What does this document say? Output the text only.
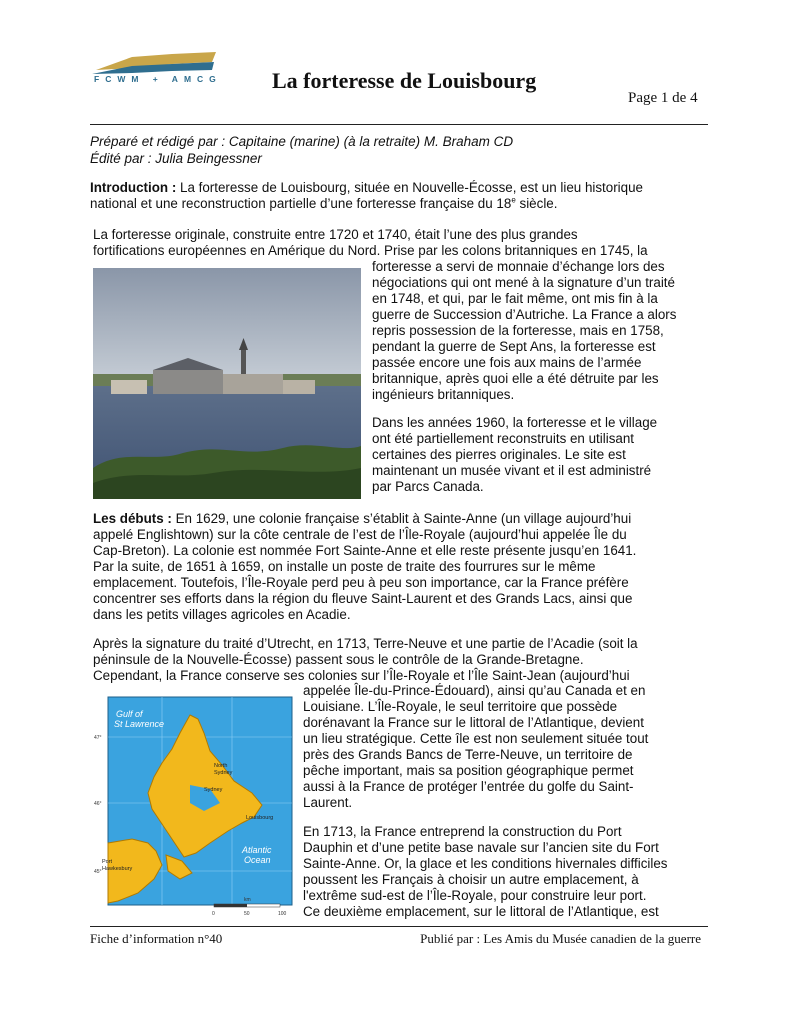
FCWM + AMCG La forteresse de Louisbourg
Page 1 de 4
Préparé et rédigé par : Capitaine (marine) (à la retraite) M. Braham CD
Édité par : Julia Beingessner
Introduction : La forteresse de Louisbourg, située en Nouvelle-Écosse, est un lieu historique
national et une reconstruction partielle d’une forteresse française du 18e siècle.
La forteresse originale, construite entre 1720 et 1740, était l’une des plus grandes
fortifications européennes en Amérique du Nord. Prise par les colons britanniques en 1745, la
forteresse a servi de monnaie d’échange lors des
négociations qui ont mené à la signature d’un traité
en 1748, et qui, par le fait même, ont mis fin à la
guerre de Succession d’Autriche. La France a alors
repris possession de la forteresse, mais en 1758,
pendant la guerre de Sept Ans, la forteresse est
passée encore une fois aux mains de l’armée
britannique, après quoi elle a été détruite par les
ingénieurs britanniques.
Dans les années 1960, la forteresse et le village
ont été partiellement reconstruits en utilisant
certaines des pierres originales. Le site est
maintenant un musée vivant et il est administré
par Parcs Canada.
Les débuts : En 1629, une colonie française s’établit à Sainte-Anne (un village aujourd’hui
appelé Englishtown) sur la côte centrale de l’est de l’Île-Royale (aujourd’hui appelée Île du
Cap-Breton). La colonie est nommée Fort Sainte-Anne et elle reste présente jusqu’en 1641.
Par la suite, de 1651 à 1659, on installe un poste de traite des fourrures sur le même
emplacement. Toutefois, l’Île-Royale perd peu à peu son importance, car la France préfère
concentrer ses efforts dans la région du fleuve Saint-Laurent et des Grands Lacs, ainsi que
dans les petits villages agricoles en Acadie.
Après la signature du traité d’Utrecht, en 1713, Terre-Neuve et une partie de l’Acadie (soit la
péninsule de la Nouvelle-Écosse) passent sous le contrôle de la Grande-Bretagne.
Cependant, la France conserve ses colonies sur l’Île-Royale et l’Île Saint-Jean (aujourd’hui
Gulf of
St Lawrence
Atlantic
Ocean
North
Sydney
Sydney
Louisbourg
Port
Hawkesbury
47°
46°
45°
km
0	50	100
appelée Île-du-Prince-Édouard), ainsi qu’au Canada et en
Louisiane. L’Île-Royale, le seul territoire que possède
dorénavant la France sur le littoral de l’Atlantique, devient
un lieu stratégique. Cette île est non seulement située tout
près des Grands Bancs de Terre-Neuve, un territoire de
pêche important, mais sa position géographique permet
aussi à la France de protéger l’entrée du golfe du Saint-
Laurent.
En 1713, la France entreprend la construction du Port
Dauphin et d’une petite base navale sur l’ancien site du Fort
Sainte-Anne. Or, la glace et les conditions hivernales difficiles
poussent les Français à choisir un autre emplacement, à
l'extrême sud-est de l’Île-Royale, pour construire leur port.
Ce deuxième emplacement, sur le littoral de l’Atlantique, est
Fiche d’information n°40	Publié par : Les Amis du Musée canadien de la guerre
